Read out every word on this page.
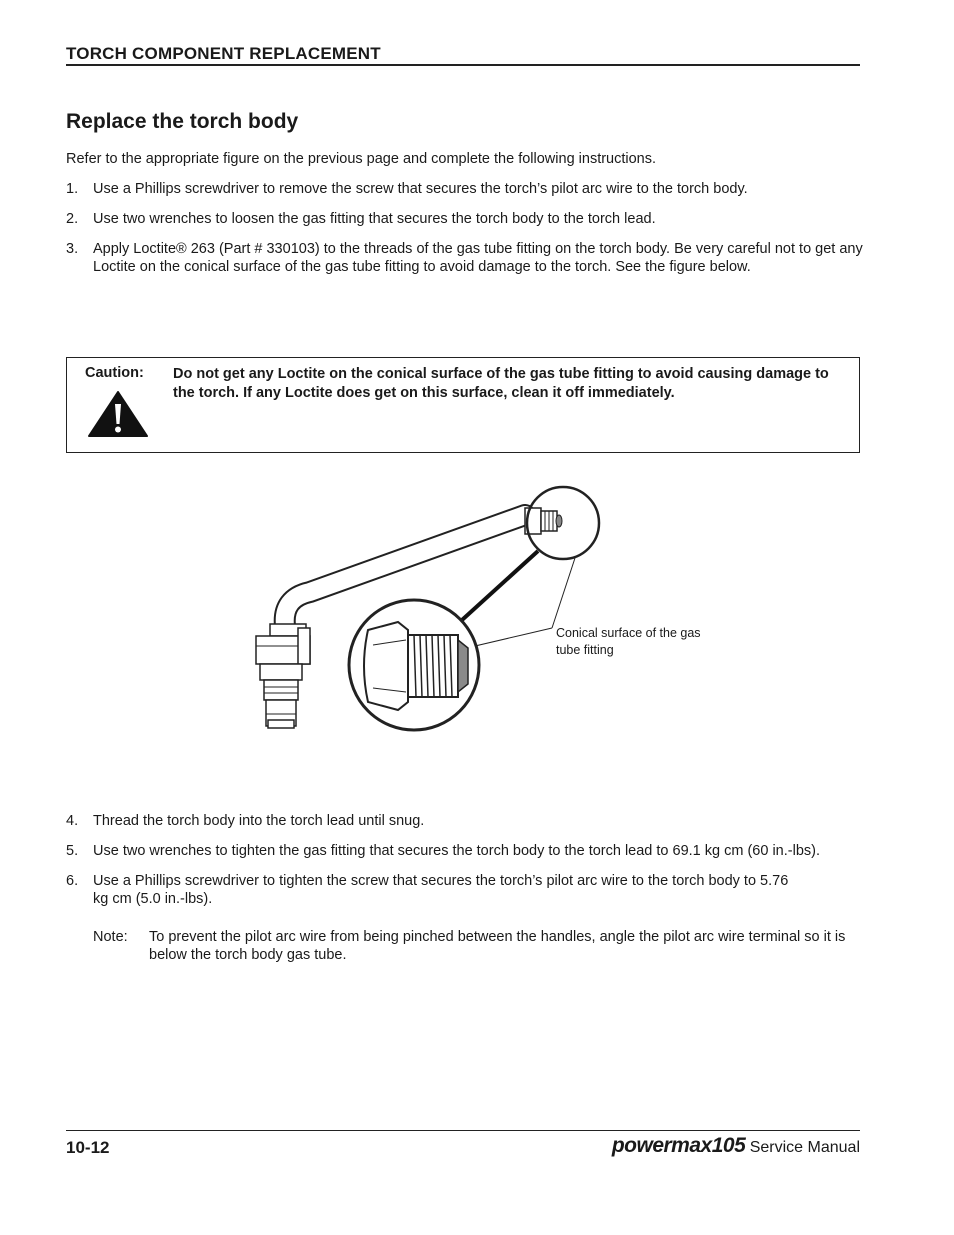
TORCH COMPONENT REPLACEMENT
Replace the torch body
Refer to the appropriate figure on the previous page and complete the following instructions.
1. Use a Phillips screwdriver to remove the screw that secures the torch’s pilot arc wire to the torch body.
2. Use two wrenches to loosen the gas fitting that secures the torch body to the torch lead.
3. Apply Loctite® 263 (Part # 330103) to the threads of the gas tube fitting on the torch body. Be very careful not to get any Loctite on the conical surface of the gas tube fitting to avoid damage to the torch. See the figure below.
Caution: Do not get any Loctite on the conical surface of the gas tube fitting to avoid causing damage to the torch. If any Loctite does get on this surface, clean it off immediately.
Conical surface of the gas tube fitting
4. Thread the torch body into the torch lead until snug.
5. Use two wrenches to tighten the gas fitting that secures the torch body to the torch lead to 69.1 kg cm (60 in.-lbs).
6. Use a Phillips screwdriver to tighten the screw that secures the torch’s pilot arc wire to the torch body to 5.76 kg cm (5.0 in.-lbs).
Note: To prevent the pilot arc wire from being pinched between the handles, angle the pilot arc wire terminal so it is below the torch body gas tube.
10-12	powermax105 Service Manual
